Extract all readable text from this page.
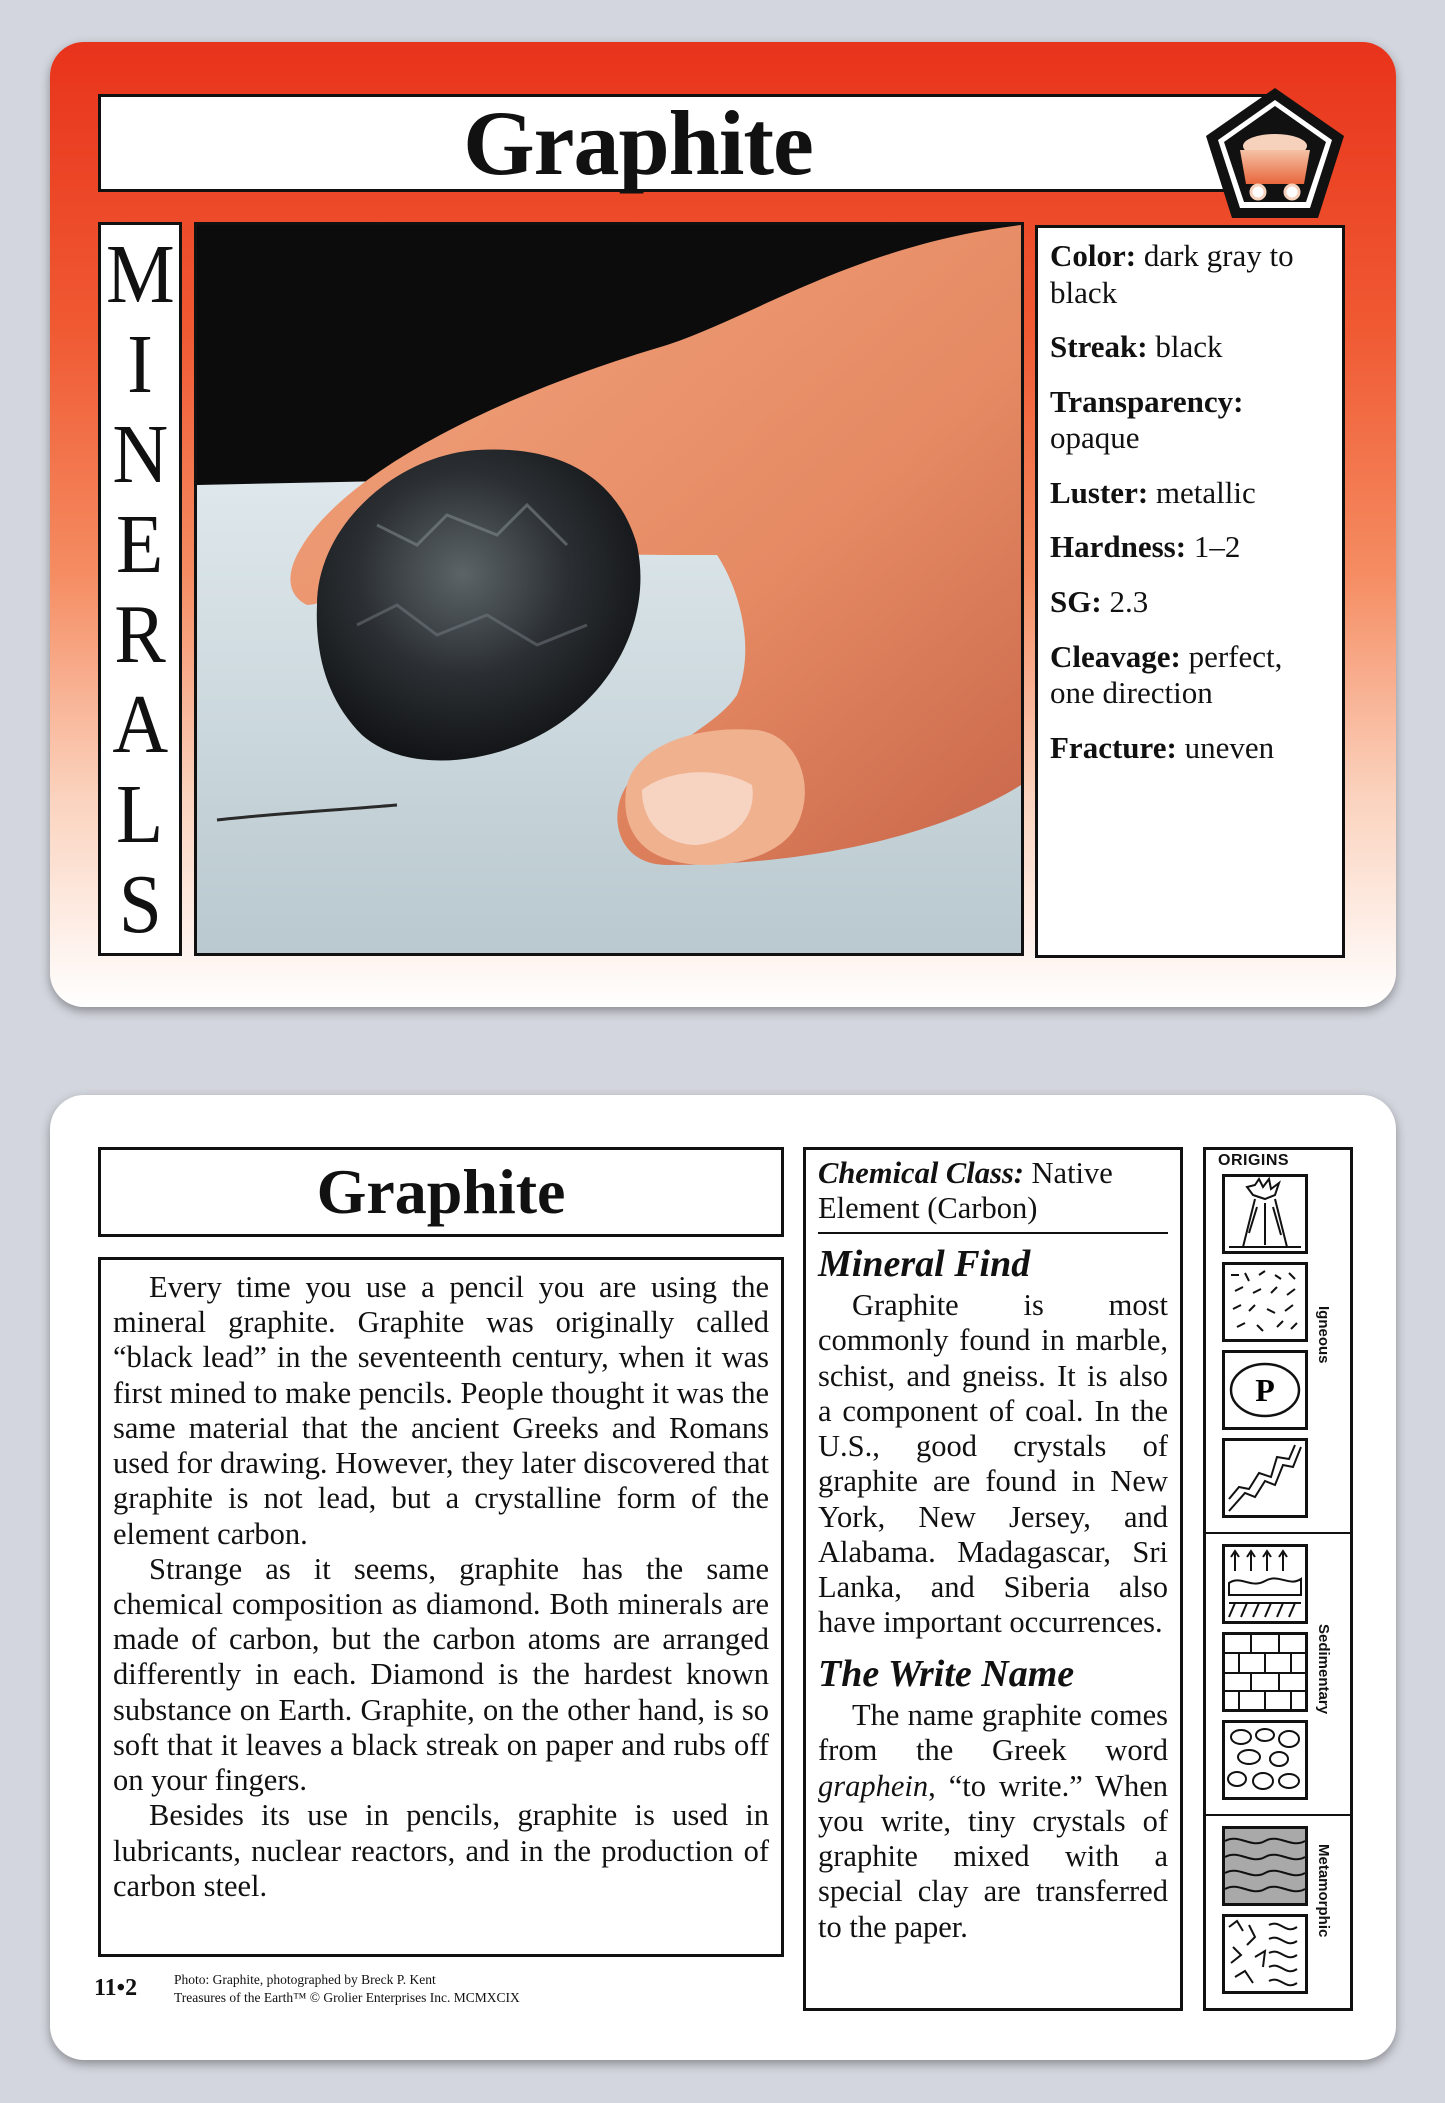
Graphite
M
I
N
E
R
A
L
S
Color: dark gray to black
Streak: black
Transparency: opaque
Luster: metallic
Hardness: 1–2
SG: 2.3
Cleavage: perfect, one direction
Fracture: uneven
Graphite

Every time you use a pencil you are using the mineral graphite. Graphite was originally called “black lead” in the seventeenth century, when it was first mined to make pencils. People thought it was the same material that the ancient Greeks and Romans used for drawing. However, they later discovered that graphite is not lead, but a crystalline form of the element carbon.

Strange as it seems, graphite has the same chemical composition as diamond. Both minerals are made of carbon, but the carbon atoms are arranged differently in each. Diamond is the hardest known substance on Earth. Graphite, on the other hand, is so soft that it leaves a black streak on paper and rubs off on your fingers.

Besides its use in pencils, graphite is used in lubricants, nuclear reactors, and in the production of carbon steel.

11•2	Photo: Graphite, photographed by Breck P. Kent
Treasures of the Earth™ © Grolier Enterprises Inc. MCMXCIX
Chemical Class: Native Element (Carbon)
Mineral Find

Graphite is most commonly found in marble, schist, and gneiss. It is also a component of coal. In the U.S., good crystals of graphite are found in New York, New Jersey, and Alabama. Madagascar, Sri Lanka, and Siberia also have important occurrences.

The Write Name

The name graphite comes from the Greek word graphein, “to write.” When you write, tiny crystals of graphite mixed with a special clay are transferred to the paper.

ORIGINS
P
Igneous
Sedimentary
Metamorphic
